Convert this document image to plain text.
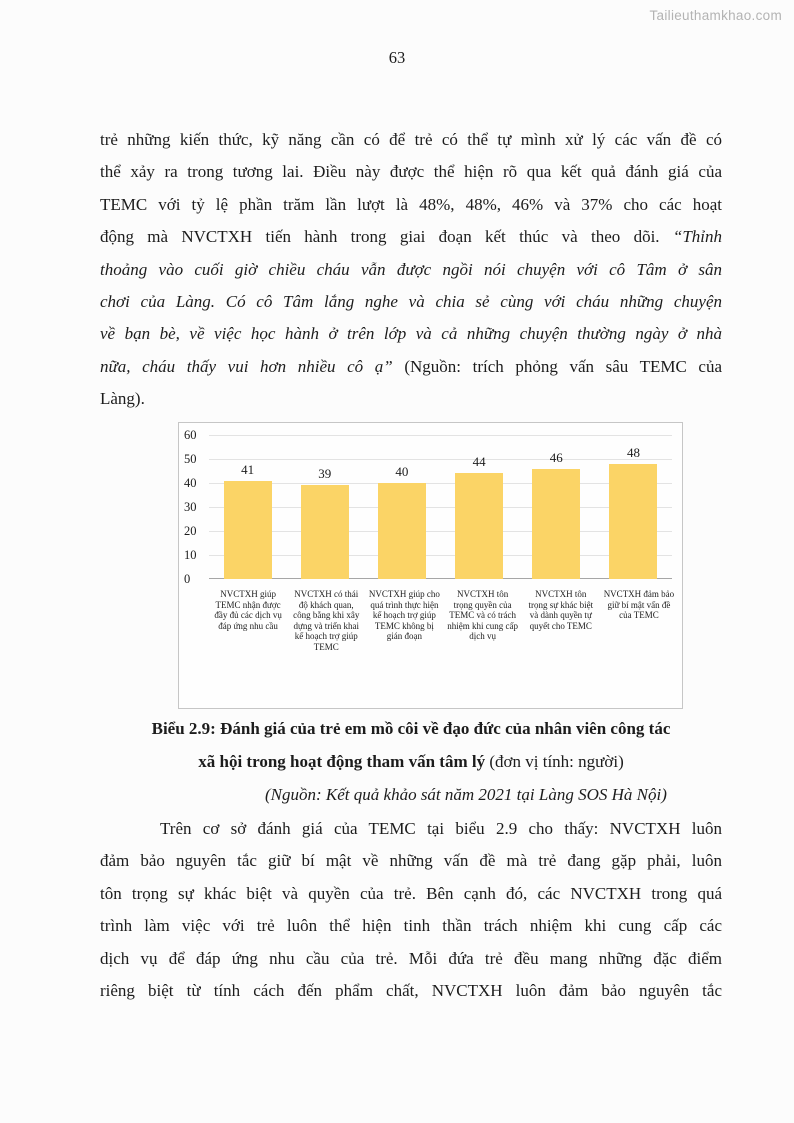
Tailieuthamkhao.com
63
trẻ những kiến thức, kỹ năng cần có để trẻ có thể tự mình xử lý các vấn đề có
thể xảy ra trong tương lai. Điều này được thể hiện rõ qua kết quả đánh giá của
TEMC với tỷ lệ phần trăm lần lượt là 48%, 48%, 46% và 37% cho các hoạt
động mà NVCTXH tiến hành trong giai đoạn kết thúc và theo dõi. “Thỉnh
thoảng vào cuối giờ chiều cháu vẫn được ngồi nói chuyện với cô Tâm ở sân
chơi của Làng. Có cô Tâm lắng nghe và chia sẻ cùng với cháu những chuyện
về bạn bè, về việc học hành ở trên lớp và cả những chuyện thường ngày ở nhà
nữa, cháu thấy vui hơn nhiều cô ạ” (Nguồn: trích phỏng vấn sâu TEMC của
Làng).
60
50
40
30
20
10
0
41	39	40
44	46	48
NVCTXH giúp TEMC nhận được đầy đủ các dịch vụ đáp ứng nhu cầu
NVCTXH có thái độ khách quan, công bằng khi xây dựng và triển khai kế hoạch trợ giúp TEMC
NVCTXH giúp cho quá trình thực hiện kế hoạch trợ giúp TEMC không bị gián đoạn
NVCTXH tôn trọng quyền của TEMC và có trách nhiệm khi cung cấp dịch vụ
NVCTXH tôn trọng sự khác biệt và dành quyền tự quyết cho TEMC
NVCTXH đảm bảo giữ bí mật vấn đề của TEMC
Biểu 2.9: Đánh giá của trẻ em mồ côi về đạo đức của nhân viên công tác
xã hội trong hoạt động tham vấn tâm lý (đơn vị tính: người)
(Nguồn: Kết quả khảo sát năm 2021 tại Làng SOS Hà Nội)
Trên cơ sở đánh giá của TEMC tại biểu 2.9 cho thấy: NVCTXH luôn
đảm bảo nguyên tắc giữ bí mật về những vấn đề mà trẻ đang gặp phải, luôn
tôn trọng sự khác biệt và quyền của trẻ. Bên cạnh đó, các NVCTXH trong quá
trình làm việc với trẻ luôn thể hiện tinh thần trách nhiệm khi cung cấp các
dịch vụ để đáp ứng nhu cầu của trẻ. Mỗi đứa trẻ đều mang những đặc điểm
riêng biệt từ tính cách đến phẩm chất, NVCTXH luôn đảm bảo nguyên tắc
